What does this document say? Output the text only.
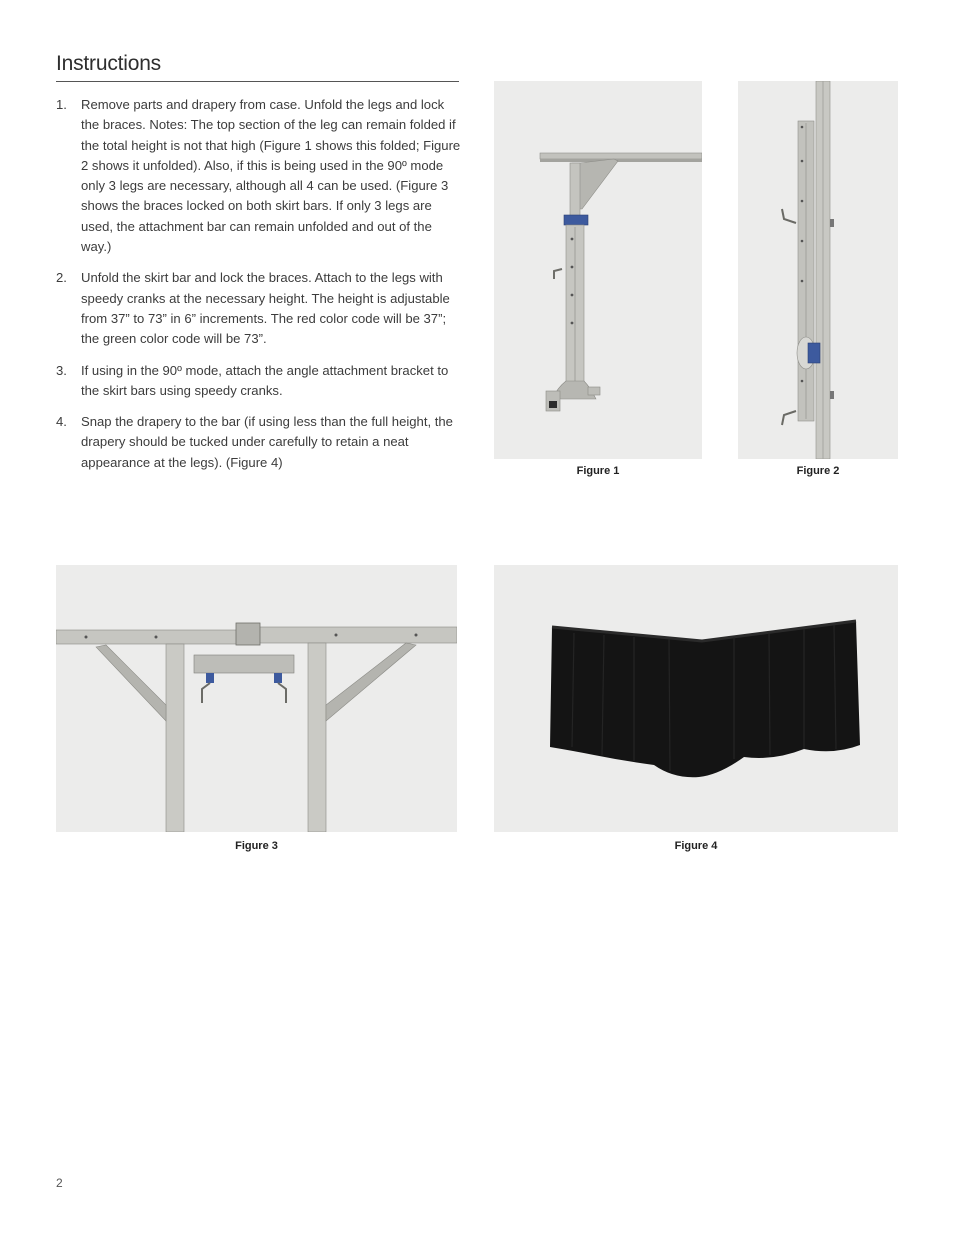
Instructions
1. Remove parts and drapery from case. Unfold the legs and lock the braces. Notes: The top section of the leg can remain folded if the total height is not that high (Figure 1 shows this folded; Figure 2 shows it unfolded). Also, if this is being used in the 90º mode only 3 legs are necessary, although all 4 can be used. (Figure 3 shows the braces locked on both skirt bars. If only 3 legs are used, the attachment bar can remain unfolded and out of the way.)
2. Unfold the skirt bar and lock the braces. Attach to the legs with speedy cranks at the necessary height. The height is adjustable from 37” to 73” in 6” increments. The red color code will be 37”; the green color code will be 73”.
3. If using in the 90º mode, attach the angle attachment bracket to the skirt bars using speedy cranks.
4. Snap the drapery to the bar (if using less than the full height, the drapery should be tucked under carefully to retain a neat appearance at the legs). (Figure 4)
Figure 1	Figure 2
Figure 3	Figure 4
2
